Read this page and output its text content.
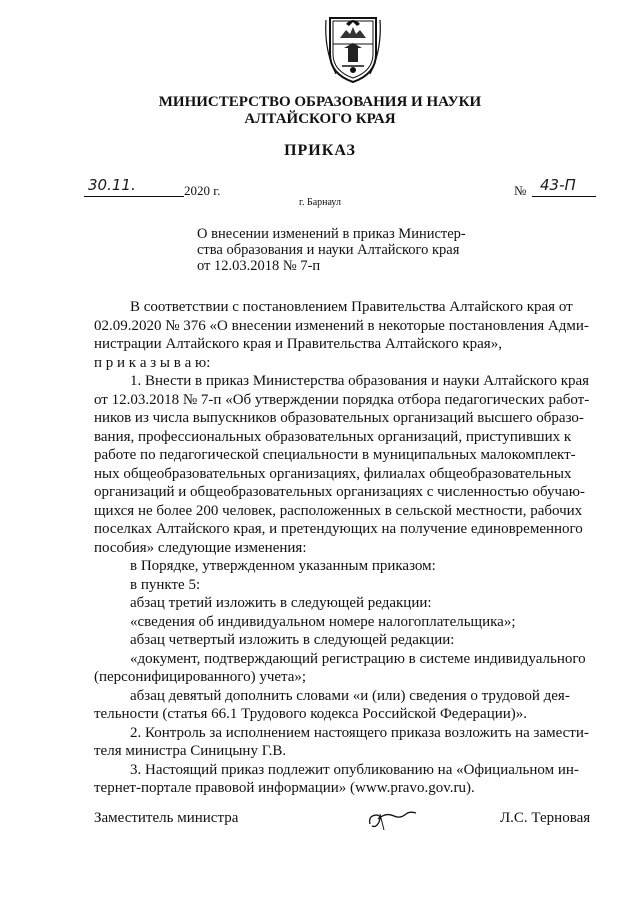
МИНИСТЕРСТВО ОБРАЗОВАНИЯ И НАУКИ
АЛТАЙСКОГО КРАЯ
ПРИКАЗ
30.11.	2020 г.	№ 43-П
г. Барнаул
О внесении изменений в приказ Министер-
ства образования и науки Алтайского края
от 12.03.2018 № 7-п

В соответствии с постановлением Правительства Алтайского края от

02.09.2020 № 376 «О внесении изменений в некоторые постановления Адми-

нистрации Алтайского края и Правительства Алтайского края»,

п р и к а з ы в а ю:

1. Внести в приказ Министерства образования и науки Алтайского края

от 12.03.2018 № 7-п «Об утверждении порядка отбора педагогических работ-

ников из числа выпускников образовательных организаций высшего образо-

вания, профессиональных образовательных организаций, приступивших к

работе по педагогической специальности в муниципальных малокомплект-

ных общеобразовательных организациях, филиалах общеобразовательных

организаций и общеобразовательных организациях с численностью обучаю-

щихся не более 200 человек, расположенных в сельской местности, рабочих

поселках Алтайского края, и претендующих на получение единовременного

пособия» следующие изменения:

в Порядке, утвержденном указанным приказом:

в пункте 5:

абзац третий изложить в следующей редакции:

«сведения об индивидуальном номере налогоплательщика»;

абзац четвертый изложить в следующей редакции:

«документ, подтверждающий регистрацию в системе индивидуального

(персонифицированного) учета»;

абзац девятый дополнить словами «и (или) сведения о трудовой дея-

тельности (статья 66.1 Трудового кодекса Российской Федерации)».

2. Контроль за исполнением настоящего приказа возложить на замести-

теля министра Синицыну Г.В.

3. Настоящий приказ подлежит опубликованию на «Официальном ин-

тернет-портале правовой информации» (www.pravo.gov.ru).

Заместитель министра	Л.С. Терновая
